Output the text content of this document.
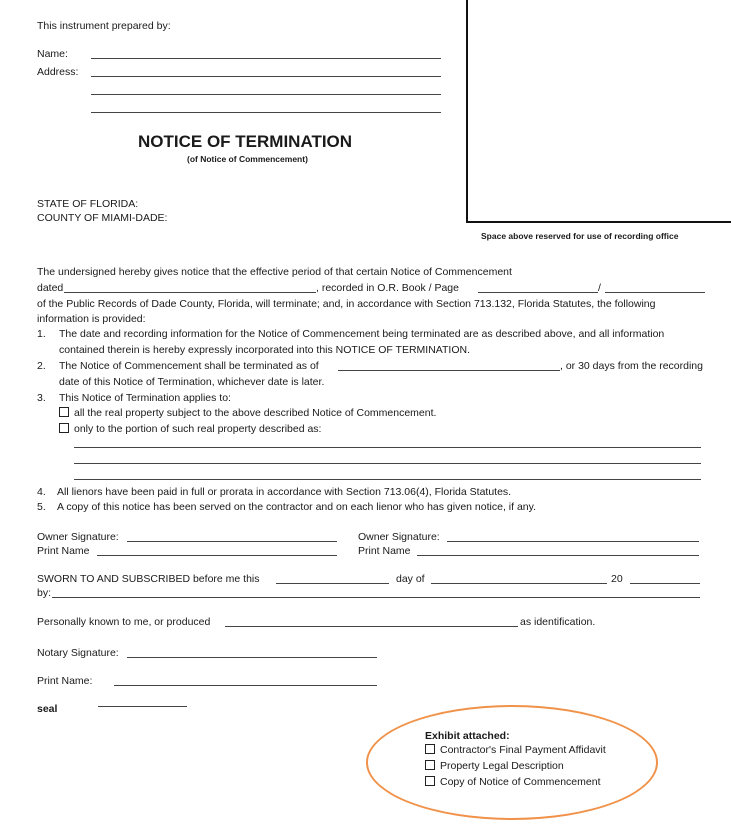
Space above reserved for use of recording office
This instrument prepared by:
Name:
Address:
NOTICE OF TERMINATION
(of Notice of Commencement)
STATE OF FLORIDA:
COUNTY OF MIAMI-DADE:
The undersigned hereby gives notice that the effective period of that certain Notice of Commencement
dated	, recorded in O.R. Book / Page	/
of the Public Records of Dade County, Florida, will terminate; and, in accordance with Section 713.132, Florida Statutes, the following
information is provided:
1. The date and recording information for the Notice of Commencement being terminated are as described above, and all information
contained therein is hereby expressly incorporated into this NOTICE OF TERMINATION.
2. The Notice of Commencement shall be terminated as of	, or 30 days from the recording
date of this Notice of Termination, whichever date is later.
3. This Notice of Termination applies to:
all the real property subject to the above described Notice of Commencement.
only to the portion of such real property described as:
4. All lienors have been paid in full or prorata in accordance with Section 713.06(4), Florida Statutes.
5. A copy of this notice has been served on the contractor and on each lienor who has given notice, if any.
Owner Signature:
Print Name
Owner Signature:
Print Name
SWORN TO AND SUBSCRIBED before me this	day of	20
by:
Personally known to me, or produced	as identification.
Notary Signature:
Print Name:
seal
Exhibit attached:
Contractor's Final Payment Affidavit
Property Legal Description
Copy of Notice of Commencement
